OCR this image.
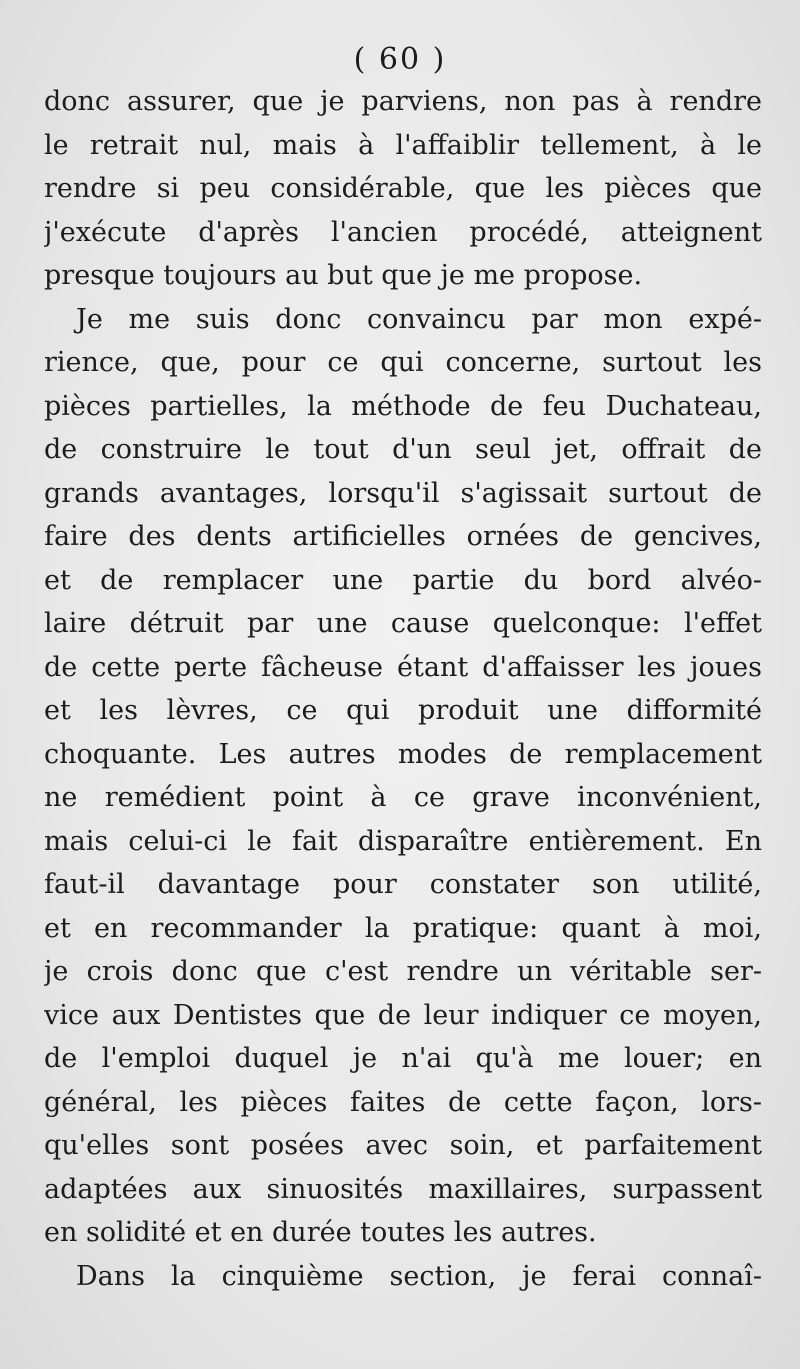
( 60 )
donc assurer, que je parviens, non pas à rendre
le retrait nul, mais à l'affaiblir tellement, à le
rendre si peu considérable, que les pièces que
j'exécute d'après l'ancien procédé, atteignent
presque toujours au but que je me propose.
Je me suis donc convaincu par mon expé-
rience, que, pour ce qui concerne, surtout les
pièces partielles, la méthode de feu Duchateau,
de construire le tout d'un seul jet, offrait de
grands avantages, lorsqu'il s'agissait surtout de
faire des dents artificielles ornées de gencives,
et de remplacer une partie du bord alvéo-
laire détruit par une cause quelconque: l'effet
de cette perte fâcheuse étant d'affaisser les joues
et les lèvres, ce qui produit une difformité
choquante. Les autres modes de remplacement
ne remédient point à ce grave inconvénient,
mais celui-ci le fait disparaître entièrement. En
faut-il davantage pour constater son utilité,
et en recommander la pratique: quant à moi,
je crois donc que c'est rendre un véritable ser-
vice aux Dentistes que de leur indiquer ce moyen,
de l'emploi duquel je n'ai qu'à me louer; en
général, les pièces faites de cette façon, lors-
qu'elles sont posées avec soin, et parfaitement
adaptées aux sinuosités maxillaires, surpassent
en solidité et en durée toutes les autres.
Dans la cinquième section, je ferai connaî-
